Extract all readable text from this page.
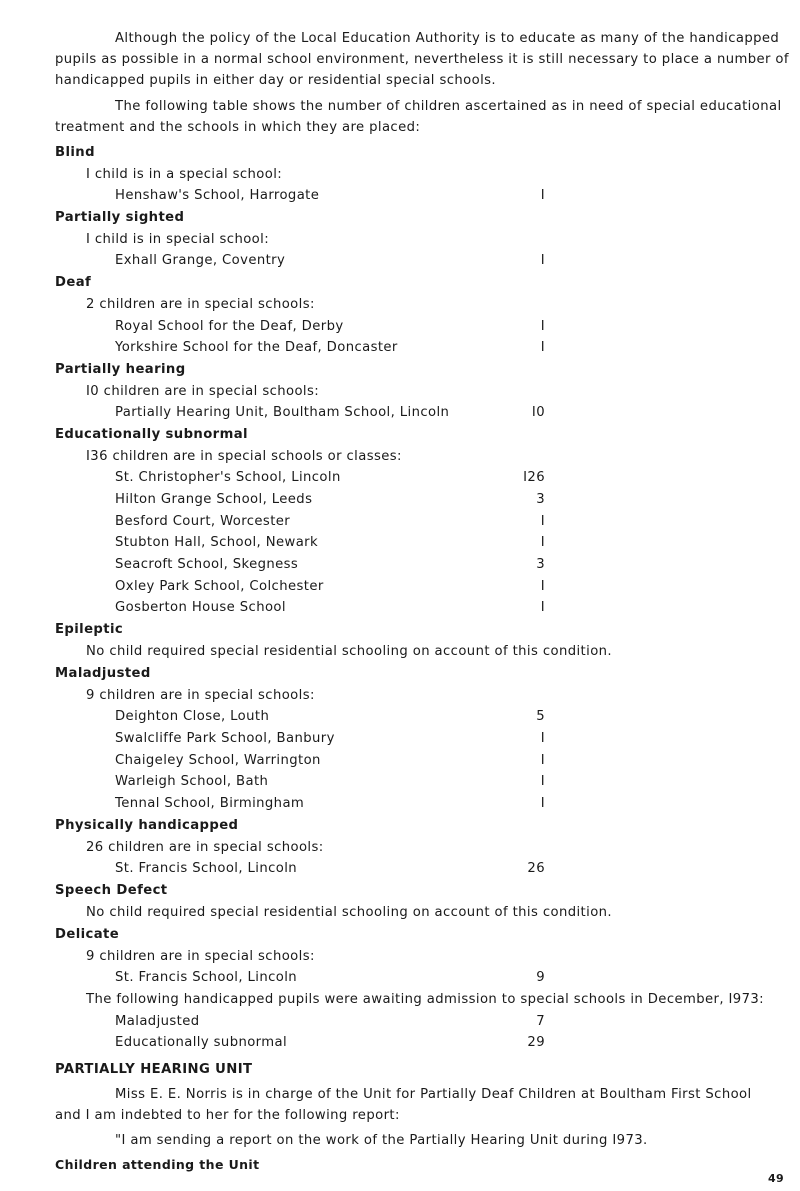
Although the policy of the Local Education Authority is to educate as many of the handicapped
pupils as possible in a normal school environment, nevertheless it is still necessary to place a number of
handicapped pupils in either day or residential special schools.
The following table shows the number of children ascertained as in need of special educational
treatment and the schools in which they are placed:
Blind
I child is in a special school:
Henshaw's School, Harrogate	I
Partially sighted
I child is in special school:
Exhall Grange, Coventry	I
Deaf
2 children are in special schools:
Royal School for the Deaf, Derby	I
Yorkshire School for the Deaf, Doncaster	I
Partially hearing
I0 children are in special schools:
Partially Hearing Unit, Boultham School, Lincoln	I0
Educationally subnormal
I36 children are in special schools or classes:
St. Christopher's School, Lincoln	I26
Hilton Grange School, Leeds	3
Besford Court, Worcester	I
Stubton Hall, School, Newark	I
Seacroft School, Skegness	3
Oxley Park School, Colchester	I
Gosberton House School	I
Epileptic
No child required special residential schooling on account of this condition.
Maladjusted
9 children are in special schools:
Deighton Close, Louth	5
Swalcliffe Park School, Banbury	I
Chaigeley School, Warrington	I
Warleigh School, Bath	I
Tennal School, Birmingham	I
Physically handicapped
26 children are in special schools:
St. Francis School, Lincoln	26
Speech Defect
No child required special residential schooling on account of this condition.
Delicate
9 children are in special schools:
St. Francis School, Lincoln	9
The following handicapped pupils were awaiting admission to special schools in December, I973:
Maladjusted	7
Educationally subnormal	29
PARTIALLY HEARING UNIT
Miss E. E. Norris is in charge of the Unit for Partially Deaf Children at Boultham First School
and I am indebted to her for the following report:
"I am sending a report on the work of the Partially Hearing Unit during I973.
Children attending the Unit
49
